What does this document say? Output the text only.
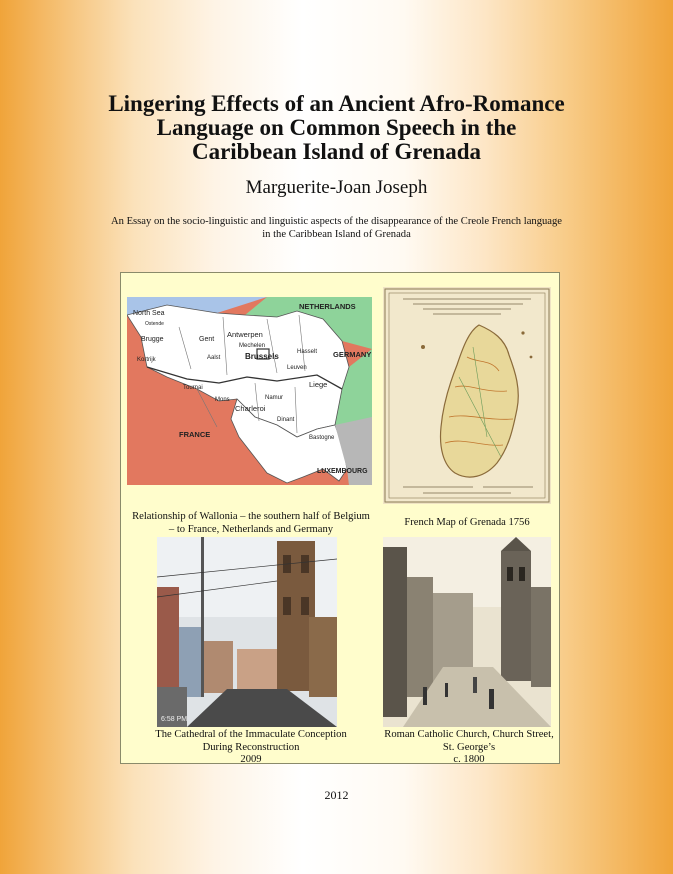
Lingering Effects of an Ancient Afro-Romance
Language on Common Speech in the
Caribbean Island of Grenada
Marguerite-Joan Joseph
An Essay on the socio-linguistic and linguistic aspects of the disappearance of the Creole French language in the Caribbean Island of Grenada
North Sea
NETHERLANDS
GERMANY
FRANCE
LUXEMBOURG
Brugge	Gent
Antwerpen
Mechelen
Hasselt
Brussels
Kortrijk	Aalst
Leuven
Tournai
Mons	Namur
Liege
Charleroi
Dinant
Bastogne
Ostende
Relationship of Wallonia – the southern half of Belgium
– to France, Netherlands and Germany
French Map of Grenada 1756
6:58 PM
The Cathedral of the Immaculate Conception
During Reconstruction
2009
Roman Catholic Church, Church Street,
St. George’s
c. 1800
2012
